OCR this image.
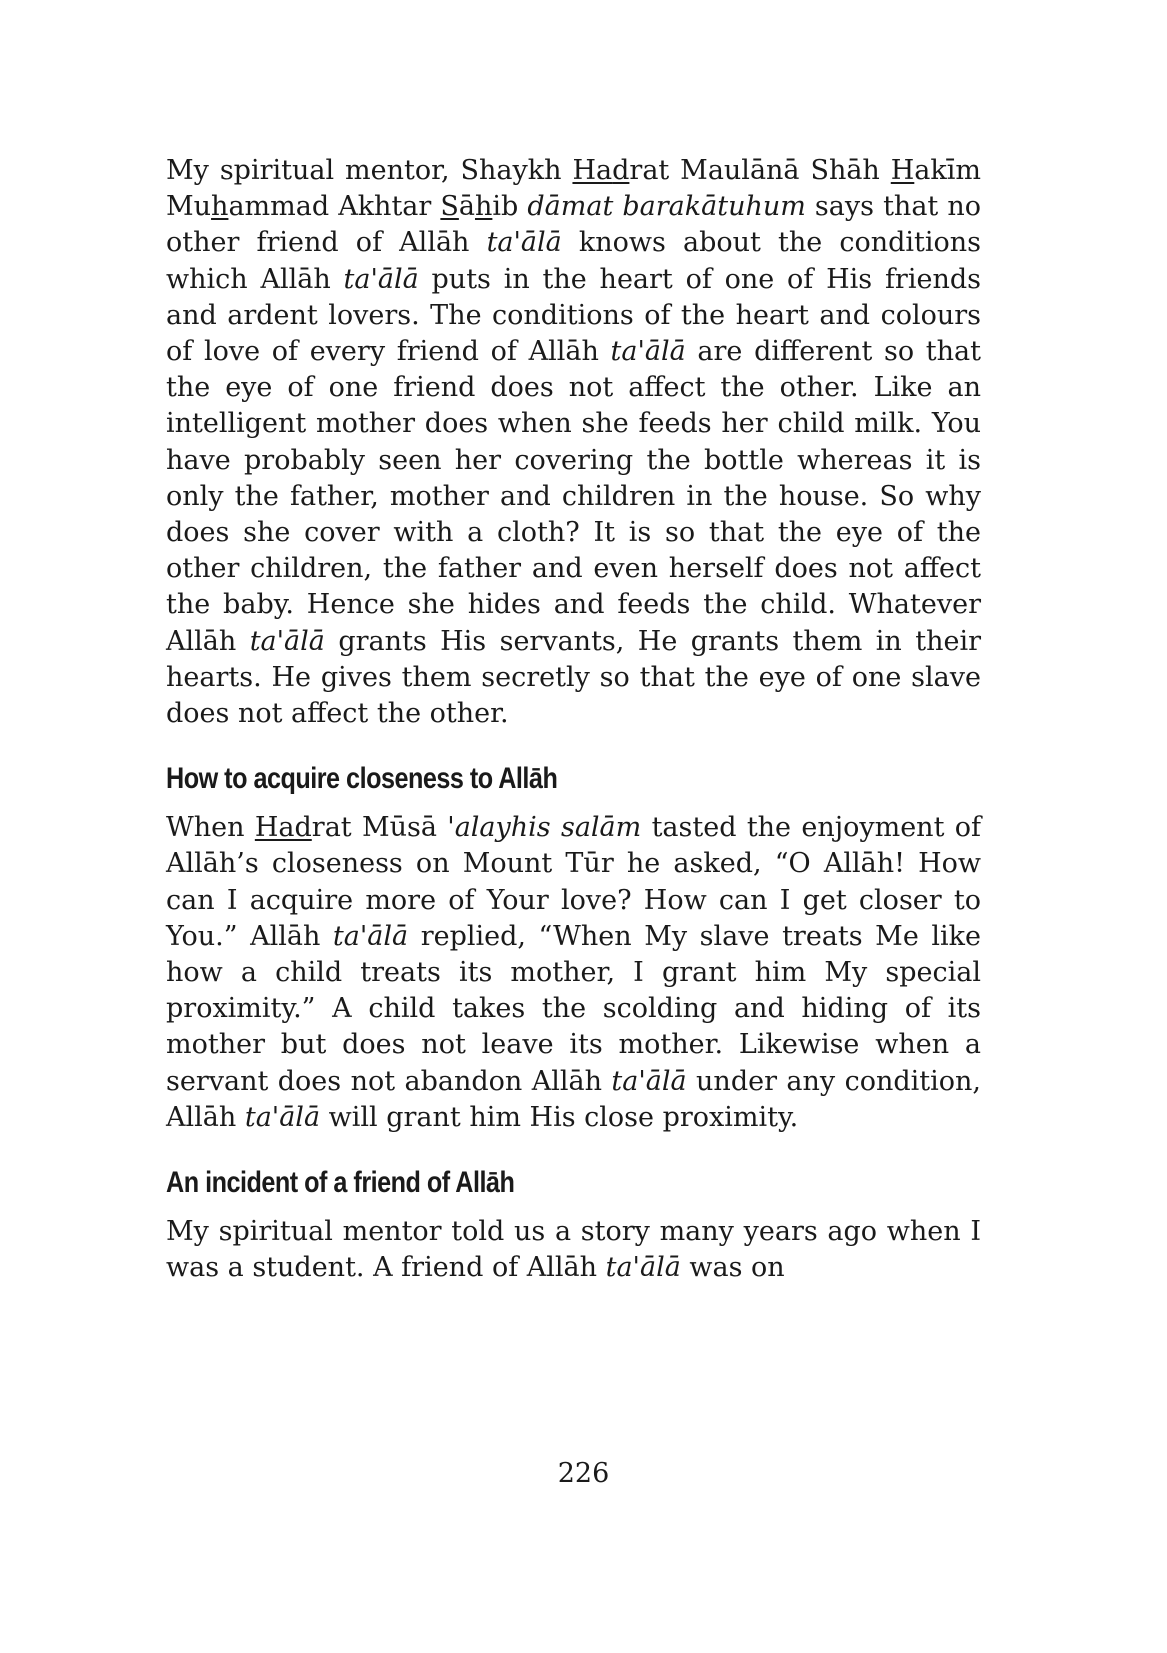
My spiritual mentor, Shaykh Hadrat Maulānā Shāh Hakīm Muhammad Akhtar Sāhib dāmat barakātuhum says that no other friend of Allāh ta'ālā knows about the conditions which Allāh ta'ālā puts in the heart of one of His friends and ardent lovers. The conditions of the heart and colours of love of every friend of Allāh ta'ālā are different so that the eye of one friend does not affect the other. Like an intelligent mother does when she feeds her child milk. You have probably seen her covering the bottle whereas it is only the father, mother and children in the house. So why does she cover with a cloth? It is so that the eye of the other children, the father and even herself does not affect the baby. Hence she hides and feeds the child. Whatever Allāh ta'ālā grants His servants, He grants them in their hearts. He gives them secretly so that the eye of one slave does not affect the other.

How to acquire closeness to Allāh

When Hadrat Mūsā 'alayhis salām tasted the enjoyment of Allāh’s closeness on Mount Tūr he asked, “O Allāh! How can I acquire more of Your love? How can I get closer to You.” Allāh ta'ālā replied, “When My slave treats Me like how a child treats its mother, I grant him My special proximity.” A child takes the scolding and hiding of its mother but does not leave its mother. Likewise when a servant does not abandon Allāh ta'ālā under any condition, Allāh ta'ālā will grant him His close proximity.

An incident of a friend of Allāh

My spiritual mentor told us a story many years ago when I was a student. A friend of Allāh ta'ālā was on

226
